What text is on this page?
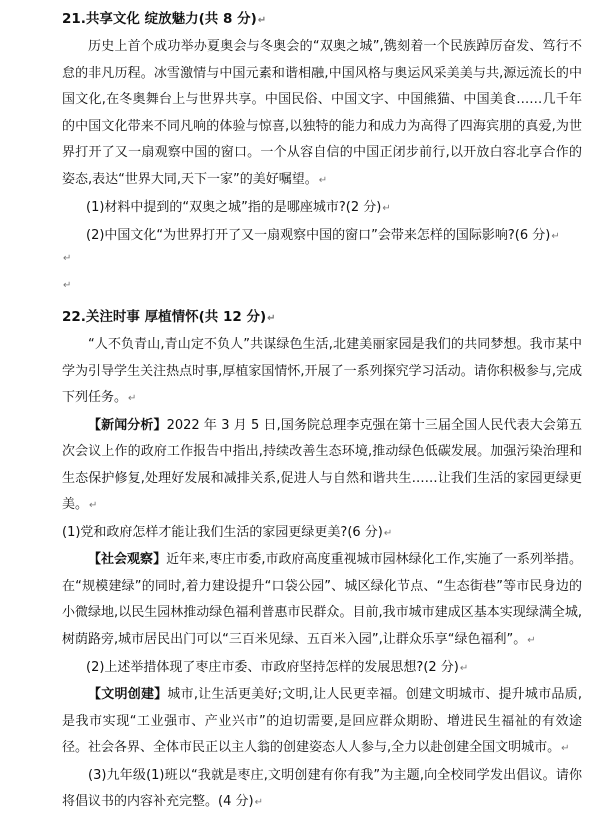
21.共享文化 绽放魅力(共 8 分)↵

历史上首个成功举办夏奥会与冬奥会的“双奥之城”,镌刻着一个民族踔厉奋发、笃行不怠的非凡历程。冰雪激情与中国元素和谐相融,中国风格与奥运风采美美与共,源远流长的中国文化,在冬奥舞台上与世界共享。中国民俗、中国文字、中国熊猫、中国美食……几千年的中国文化带来不同凡响的体验与惊喜,以独特的能力和成力为高得了四海宾朋的真爱,为世界打开了又一扇观察中国的窗口。一个从容自信的中国正闭步前行,以开放白容北享合作的姿态,表达“世界大同,天下一家”的美好嘱望。↵

(1)材料中提到的“双奥之城”指的是哪座城市?(2 分)↵

(2)中国文化“为世界打开了又一扇观察中国的窗口”会带来怎样的国际影响?(6 分)↵

↵
↵

22.关注时事 厚植情怀(共 12 分)↵

“人不负青山,青山定不负人”共谋绿色生活,北建美丽家园是我们的共同梦想。我市某中学为引导学生关注热点时事,厚植家国情怀,开展了一系列探究学习活动。请你积极参与,完成下列任务。↵

【新闻分析】2022 年 3 月 5 日,国务院总理李克强在第十三届全国人民代表大会第五次会议上作的政府工作报告中指出,持续改善生态环境,推动绿色低碳发展。加强污染治理和生态保护修复,处理好发展和减排关系,促进人与自然和谐共生……让我们生活的家园更绿更美。↵

(1)党和政府怎样才能让我们生活的家园更绿更美?(6 分)↵

【社会观察】近年来,枣庄市委,市政府高度重视城市园林绿化工作,实施了一系列举措。在“规模建绿”的同时,着力建设提升“口袋公园”、城区绿化节点、“生态街巷”等市民身边的小微绿地,以民生园林推动绿色福利普惠市民群众。目前,我市城市建成区基本实现绿满全城,树荫路旁,城市居民出门可以“三百米见绿、五百米入园”,让群众乐享“绿色福利”。↵

(2)上述举措体现了枣庄市委、市政府坚持怎样的发展思想?(2 分)↵

【文明创建】城市,让生活更美好;文明,让人民更幸福。创建文明城市、提升城市品质,是我市实现“工业强市、产业兴市”的迫切需要,是回应群众期盼、增进民生福祉的有效途径。社会各界、全体市民正以主人翁的创建姿态人人参与,全力以赴创建全国文明城市。↵

(3)九年级(1)班以“我就是枣庄,文明创建有你有我”为主题,向全校同学发出倡议。请你将倡议书的内容补充完整。(4 分)↵
